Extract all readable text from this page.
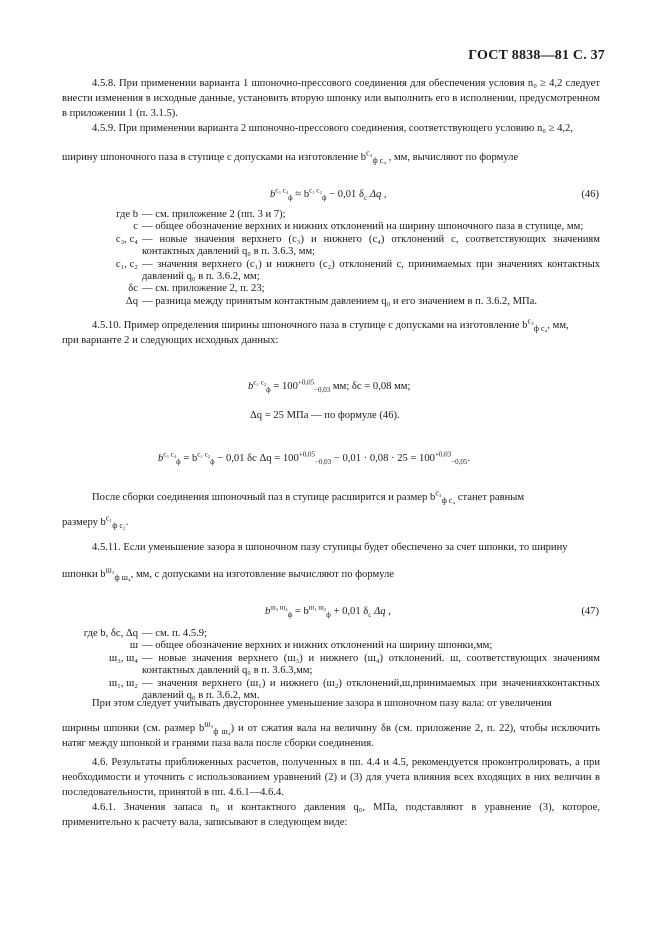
ГОСТ 8838—81 С. 37

4.5.8. При применении варианта 1 шпоночно-прессового соединения для обеспечения условия n₀ ≥ 4,2 следует внести изменения в исходные данные, установить вторую шпонку или выполнить его в исполнении, предусмотренном в приложении 1 (п. 3.1.5).

4.5.9. При применении варианта 2 шпоночно-прессового соединения, соответствующего условию n₀ ≥ 4,2,

ширину шпоночного паза в ступице с допусками на изготовление $b^{c_3}_{ф c_4}$ , мм, вычисляют по формуле

$b^{c_3 c_4}_ф \approx b^{c_1 c_2}_ф - 0,01$ $\delta_c$ Δq ,	(46)
где b — см. приложение 2 (пп. 3 и 7);
c — общее обозначение верхних и нижних отклонений на ширину шпоночного паза в ступице, мм;
c₃, c₄ — новые значения верхнего (c₃) и нижнего (c₄) отклонений c, соответствующих значениям контактных давлений q₀ в п. 3.6.3, мм;
c₁, c₂ — значения верхнего (c₁) и нижнего (c₂) отклонений c, принимаемых при значениях контактных давлений q₀ в п. 3.6.2, мм;
δc — см. приложение 2, п. 23;
Δq — разница между принятым контактным давлением q₀ и его значением в п. 3.6.2, МПа.

4.5.10. Пример определения ширины шпоночного паза в ступице с допусками на изготовление $b^{c_3}_{ф c_4}$, мм,

при варианте 2 и следующих исходных данных:

$b^{c_1 c_2}_ф = 100^{+0,05}_{-0,03}$ мм; δc = 0,08 мм;
Δq = 25 МПа — по формуле (46).
$b^{c_3 c_4}_ф = b^{c_1 c_2}_ф - 0,01$ δc $\Delta q = 100^{+0,05}_{-0,03} - 0,01 \cdot 0,08 \cdot 25 = 100^{+0,03}_{-0,05}$.

После сборки соединения шпоночный паз в ступице расширится и размер $b^{c_3}_{ф c_4}$ станет равным

размеру $b^{c_1}_{ф c_2}$.

4.5.11. Если уменьшение зазора в шпоночном пазу ступицы будет обеспечено за счет шпонки, то ширину

шпонки $b^{ш_3}_{ф ш_4}$, мм, с допусками на изготовление вычисляют по формуле

$b^{ш_3 ш_4}_ф = b^{ш_1 ш_2}_ф + 0,01$ $\delta_c$ Δq ,	(47)
где b, δc, Δq — см. п. 4.5.9;
ш — общее обозначение верхних и нижних отклонений на ширину шпонки,мм;
ш₃, ш₄ — новые значения верхнего (ш₃) и нижнего (ш₄) отклонений. ш, соответствующих значениям контактных давлений q₀ в п. 3.6.3,мм;
ш₁, ш₂ — значения верхнего (ш₁) и нижнего (ш₂) отклонений,ш,принимаемых при значенияхконтактных давлений q₀ в п. 3.6.2, мм.

При этом следует учитывать двустороннее уменьшение зазора в шпоночном пазу вала: от увеличения

ширины шпонки (см. размер $b^{ш_3}_{ф ш_4}$) и от сжатия вала на величину δв (см. приложение 2, п. 22), чтобы исключить натяг между шпонкой и гранями паза вала после сборки соединения.

4.6. Результаты приближенных расчетов, полученных в пп. 4.4 и 4.5, рекомендуется проконтролировать, а при необходимости и уточнить с использованием уравнений (2) и (3) для учета влияния всех входящих в них величин в последовательности, принятой в пп. 4.6.1—4.6.4.

4.6.1. Значения запаса n₀ и контактного давления q₀, МПа, подставляют в уравнение (3), которое, применительно к расчету вала, записывают в следующем виде:
